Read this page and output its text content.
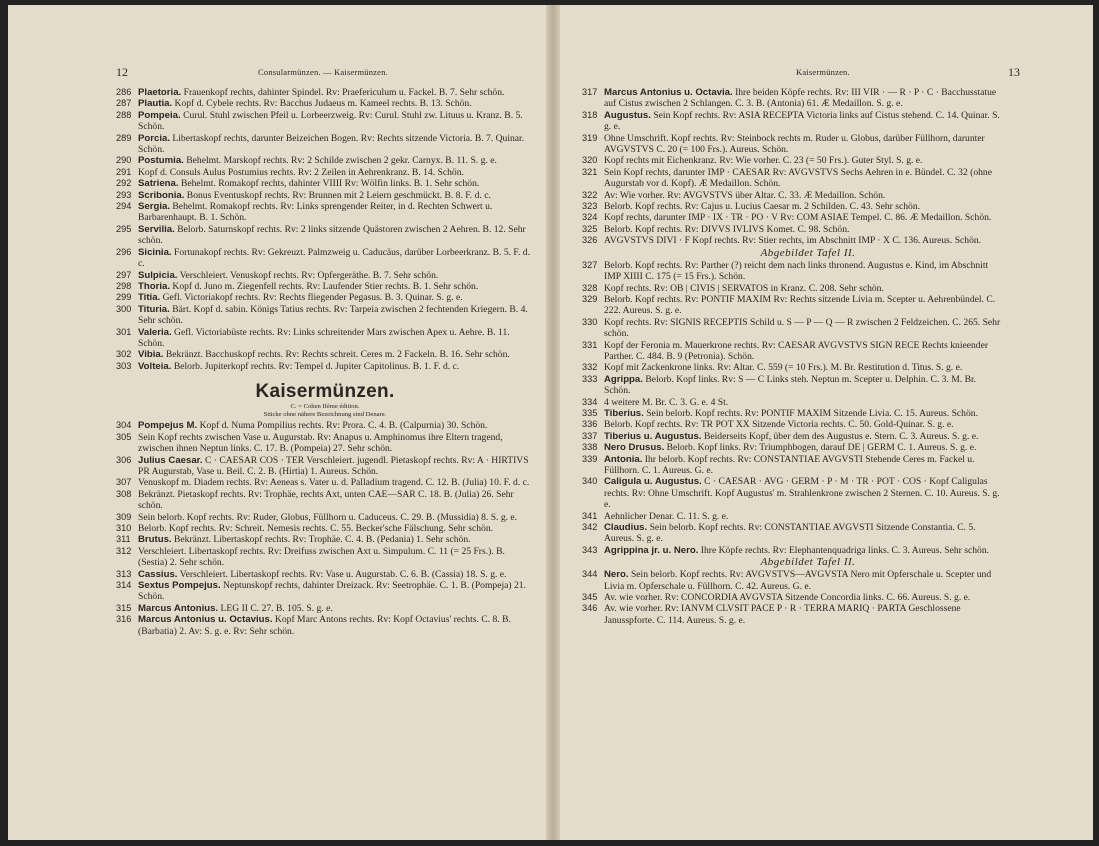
12	Consularmünzen. — Kaisermünzen.
286 Plaetoria. Frauenkopf rechts, dahinter Spindel. Rv: Praefericulum u. Fackel. B. 7. Sehr schön.
287 Plautia. Kopf d. Cybele rechts. Rv: Bacchus Judaeus m. Kameel rechts. B. 13. Schön.
288 Pompeia. Curul. Stuhl zwischen Pfeil u. Lorbeerzweig. Rv: Curul. Stuhl zw. Lituus u. Kranz. B. 5. Schön.
289 Porcia. Libertaskopf rechts, darunter Beizeichen Bogen. Rv: Rechts sitzende Victoria. B. 7. Quinar. Schön.
290 Postumia. Behelmt. Marskopf rechts. Rv: 2 Schilde zwischen 2 gekr. Carnyx. B. 11. S. g. e.
291 Kopf d. Consuls Aulus Postumius rechts. Rv: 2 Zeilen in Aehrenkranz. B. 14. Schön.
292 Satrienа. Behelmt. Romakopf rechts, dahinter VIIII Rv: Wölfin links. B. 1. Sehr schön.
293 Scribonia. Bonus Eventuskopf rechts. Rv: Brunnen mit 2 Leiern geschmückt. B. 8. F. d. c.
294 Sergia. Behelmt. Romakopf rechts. Rv: Links sprengender Reiter, in d. Rechten Schwert u. Barbarenhaupt. B. 1. Schön.
295 Servilia. Belorb. Saturnskopf rechts. Rv: 2 links sitzende Quästoren zwischen 2 Aehren. B. 12. Sehr schön.
296 Sicinia. Fortunakopf rechts. Rv: Gekreuzt. Palmzweig u. Caducäus, darüber Lorbeerkranz. B. 5. F. d. c.
297 Sulpicia. Verschleiert. Venuskopf rechts. Rv: Opfergeräthe. B. 7. Sehr schön.
298 Thoria. Kopf d. Juno m. Ziegenfell rechts. Rv: Laufender Stier rechts. B. 1. Sehr schön.
299 Titia. Gefl. Victoriakopf rechts. Rv: Rechts fliegender Pegasus. B. 3. Quinar. S. g. e.
300 Titurіa. Bärt. Kopf d. sabin. Königs Tatius rechts. Rv: Tarpeia zwischen 2 fechtenden Kriegern. B. 4. Sehr schön.
301 Valeria. Gefl. Victoriabüste rechts. Rv: Links schreitender Mars zwischen Apex u. Aehre. B. 11. Schön.
302 Vibia. Bekränzt. Bacchuskopf rechts. Rv: Rechts schreit. Ceres m. 2 Fackeln. B. 16. Sehr schön.
303 Volteia. Belorb. Jupiterkopf rechts. Rv: Tempel d. Jupiter Capitolinus. B. 1. F. d. c.
Kaisermünzen.
C. = Cohen IIème édition.
Stücke ohne nähere Bezeichnung sind Denare.
304 Pompejus M. Kopf d. Numa Pompilius rechts. Rv: Prora. C. 4. B. (Calpurnia) 30. Schön.
305 Sein Kopf rechts zwischen Vase u. Augurstab. Rv: Anapus u. Amphinomus ihre Eltern tragend, zwischen ihnen Neptun links. C. 17. B. (Pompeia) 27. Sehr schön.
306 Julius Caesar. C · CAESAR COS · TER Verschleiert. jugendl. Pietaskopf rechts. Rv: A · HIRTIVS PR Augurstab, Vase u. Beil. C. 2. B. (Hirtia) 1. Aureus. Schön.
307 Venuskopf m. Diadem rechts. Rv: Aeneas s. Vater u. d. Palladium tragend. C. 12. B. (Julia) 10. F. d. c.
308 Bekränzt. Pietaskopf rechts. Rv: Trophäe, rechts Axt, unten CAE—SAR C. 18. B. (Julia) 26. Sehr schön.
309 Sein belorb. Kopf rechts. Rv: Ruder, Globus, Füllhorn u. Caduceus. C. 29. B. (Mussidia) 8. S. g. e.
310 Belorb. Kopf rechts. Rv: Schreit. Nemesis rechts. C. 55. Becker'sche Fälschung. Sehr schön.
311 Brutus. Bekränzt. Libertaskopf rechts. Rv: Trophäe. C. 4. B. (Pedania) 1. Sehr schön.
312 Verschleiert. Libertaskopf rechts. Rv: Dreifuss zwischen Axt u. Simpulum. C. 11 (= 25 Frs.). B. (Sestia) 2. Sehr schön.
313 Cassius. Verschleiert. Libertaskopf rechts. Rv: Vase u. Augurstab. C. 6. B. (Cassia) 18. S. g. e.
314 Sextus Pompejus. Neptunskopf rechts, dahinter Dreizack. Rv: Seetrophäe. C. 1. B. (Pompeja) 21. Schön.
315 Marcus Antonius. LEG II C. 27. B. 105. S. g. e.
316 Marcus Antonius u. Octavius. Kopf Marc Antons rechts. Rv: Kopf Octavius' rechts. C. 8. B. (Barbatia) 2. Av: S. g. e. Rv: Sehr schön.
Kaisermünzen.	13
317 Marcus Antonius u. Octavia. Ihre beiden Köpfe rechts. Rv: III VIR · — R · P · C · Bacchusstatue auf Cistus zwischen 2 Schlangen. C. 3. B. (Antonia) 61. Æ Medaillon. S. g. e.
318 Augustus. Sein Kopf rechts. Rv: ASIA RECEPTA Victoria links auf Cistus stehend. C. 14. Quinar. S. g. e.
319 Ohne Umschrift. Kopf rechts. Rv: Steinbock rechts m. Ruder u. Globus, darüber Füllhorn, darunter AVGVSTVS C. 20 (= 100 Frs.). Aureus. Schön.
320 Kopf rechts mit Eichenkranz. Rv: Wie vorher. C. 23 (= 50 Frs.). Guter Styl. S. g. e.
321 Sein Kopf rechts, darunter IMP · CAESAR Rv: AVGVSTVS Sechs Aehren in e. Bündel. C. 32 (ohne Augurstab vor d. Kopf). Æ Medaillon. Schön.
322 Av: Wie vorher. Rv: AVGVSTVS über Altar. C. 33. Æ Medaillon. Schön.
323 Belorb. Kopf rechts. Rv: Cajus u. Lucius Caesar m. 2 Schilden. C. 43. Sehr schön.
324 Kopf rechts, darunter IMP · IX · TR · PO · V Rv: COM ASIAE Tempel. C. 86. Æ Medaillon. Schön.
325 Belorb. Kopf rechts. Rv: DIVVS IVLIVS Komet. C. 98. Schön.
326 AVGVSTVS DIVI · F Kopf rechts. Rv: Stier rechts, im Abschnitt IMP · X C. 136. Aureus. Schön.
Abgebildet Tafel II.
327 Belorb. Kopf rechts. Rv: Parther (?) reicht dem nach links thronend. Augustus e. Kind, im Abschnitt IMP XIIII C. 175 (= 15 Frs.). Schön.
328 Kopf rechts. Rv: OB | CIVIS | SERVATOS in Kranz. C. 208. Sehr schön.
329 Belorb. Kopf rechts. Rv: PONTIF MAXIM Rv: Rechts sitzende Livia m. Scepter u. Aehrenbündel. C. 222. Aureus. S. g. e.
330 Kopf rechts. Rv: SIGNIS RECEPTIS Schild u. S — P — Q — R zwischen 2 Feldzeichen. C. 265. Sehr schön.
331 Kopf der Feronia m. Mauerkrone rechts. Rv: CAESAR AVGVSTVS SIGN RECE Rechts knieender Parther. C. 484. B. 9 (Petronia). Schön.
332 Kopf mit Zackenkrone links. Rv: Altar. C. 559 (= 10 Frs.). M. Br. Restitution d. Titus. S. g. e.
333 Agrippa. Belorb. Kopf links. Rv: S — C Links steh. Neptun m. Scepter u. Delphin. C. 3. M. Br. Schön.
334 4 weitere M. Br. C. 3. G. e. 4 St.
335 Tiberius. Sein belorb. Kopf rechts. Rv: PONTIF MAXIM Sitzende Livia. C. 15. Aureus. Schön.
336 Belorb. Kopf rechts. Rv: TR POT XX Sitzende Victoria rechts. C. 50. Gold-Quinar. S. g. e.
337 Tiberius u. Augustus. Beiderseits Kopf, über dem des Augustus e. Stern. C. 3. Aureus. S. g. e.
338 Nero Drusus. Belorb. Kopf links. Rv: Triumphbogen, darauf DE | GERM C. 1. Aureus. S. g. e.
339 Antonia. Ihr belorb. Kopf rechts. Rv: CONSTANTIAE AVGVSTI Stehende Ceres m. Fackel u. Füllhorn. C. 1. Aureus. G. e.
340 Caligula u. Augustus. C · CAESAR · AVG · GERM · P · M · TR · POT · COS · Kopf Caligulas rechts. Rv: Ohne Umschrift. Kopf Augustus' m. Strahlenkrone zwischen 2 Sternen. C. 10. Aureus. S. g. e.
341 Aehnlicher Denar. C. 11. S. g. e.
342 Claudius. Sein belorb. Kopf rechts. Rv: CONSTANTIAE AVGVSTI Sitzende Constantia. C. 5. Aureus. S. g. e.
343 Agrippina jr. u. Nero. Ihre Köpfe rechts. Rv: Elephantenquadriga links. C. 3. Aureus. Sehr schön.
Abgebildet Tafel II.
344 Nero. Sein belorb. Kopf rechts. Rv: AVGVSTVS—AVGVSTA Nero mit Opferschale u. Scepter und Livia m. Opferschale u. Füllhorn. C. 42. Aureus. G. e.
345 Av. wie vorher. Rv: CONCORDIA AVGVSTA Sitzende Concordia links. C. 66. Aureus. S. g. e.
346 Av. wie vorher. Rv: IANVM CLVSIT PACE P · R · TERRA MARIQ · PARTA Geschlossene Janusspforte. C. 114. Aureus. S. g. e.
